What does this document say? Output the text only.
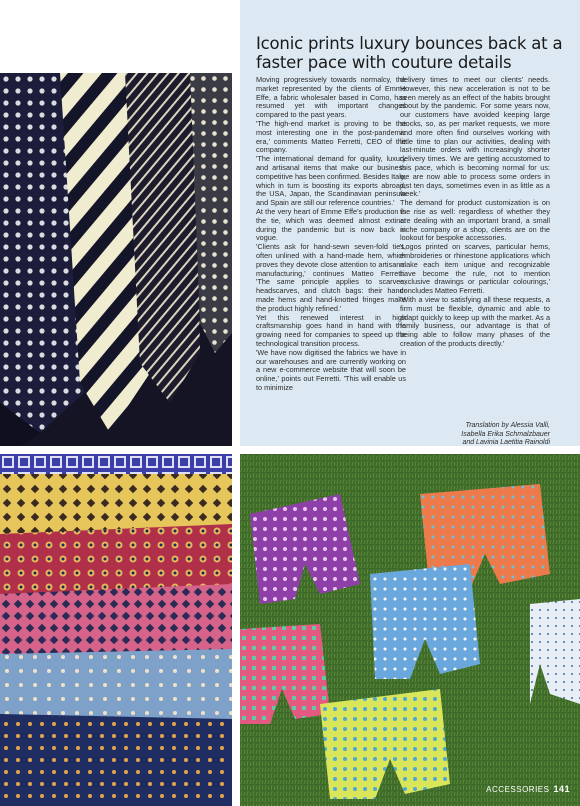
Iconic prints luxury bounces back at a faster pace with couture details

Moving progressively towards normalcy, the market represented by the clients of Emme Effe, a fabric wholesaler based in Como, has resumed yet with important changes compared to the past years.

'The high-end market is proving to be the most interesting one in the post-pandemic era,' comments Matteo Ferretti, CEO of the company.

'The international demand for quality, luxury and artisanal items that make our business competitive has been confirmed. Besides Italy, which in turn is boosting its exports abroad, the USA, Japan, the Scandinavian peninsula and Spain are still our reference countries.'

At the very heart of Emme Effe's production is the tie, which was deemed almost extinct during the pandemic but is now back in vogue.

'Clients ask for hand-sewn seven-fold ties, often unlined with a hand-made hem, which proves they devote close attention to artisanal manufacturing,' continues Matteo Ferretti. 'The same principle applies to scarves, headscarves, and clutch bags: their hand-made hems and hand-knotted fringes make the product highly refined.'

Yet this renewed interest in high craftsmanship goes hand in hand with the growing need for companies to speed up the technological transition process.

'We have now digitised the fabrics we have in our warehouses and are currently working on a new e-commerce website that will soon be online,' points out Ferretti. 'This will enable us to minimize

delivery times to meet our clients' needs. However, this new acceleration is not to be seen merely as an effect of the habits brought about by the pandemic. For some years now, our customers have avoided keeping large stocks, so, as per market requests, we more and more often find ourselves working with little time to plan our activities, dealing with last-minute orders with increasingly shorter delivery times. We are getting accustomed to this pace, which is becoming normal for us: we are now able to process some orders in just ten days, sometimes even in as little as a week.'

The demand for product customization is on the rise as well: regardless of whether they are dealing with an important brand, a small niche company or a shop, clients are on the lookout for bespoke accessories.

'Logos printed on scarves, particular hems, embroideries or rhinestone applications which make each item unique and recognizable have become the rule, not to mention exclusive drawings or particular colourings,' concludes Matteo Ferretti.

'With a view to satisfying all these requests, a firm must be flexible, dynamic and able to adapt quickly to keep up with the market. As a family business, our advantage is that of being able to follow many phases of the creation of the products directly.'

Translation by Alessia Valli,
Isabella Erika Schmalzbauer
and Lavinia Laetitia Rainoldi
ACCESSORIES 141
